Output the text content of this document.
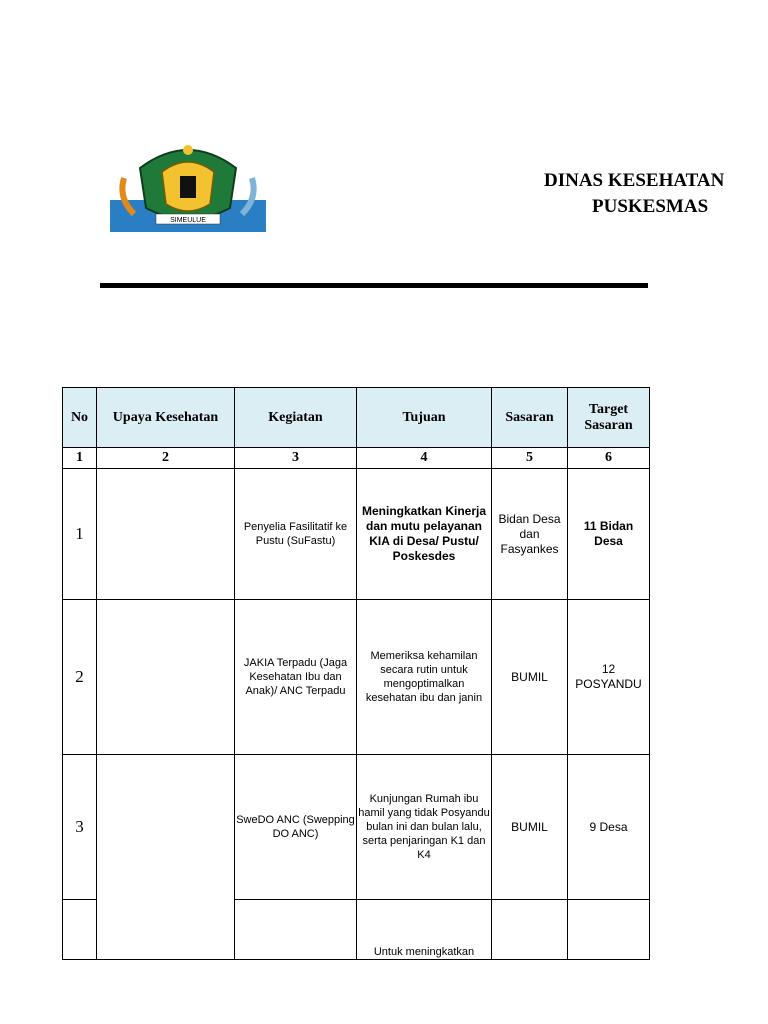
SIMEULUE
DINAS KESEHATAN
PUSKESMAS
No	Upaya Kesehatan	Kegiatan	Tujuan	Sasaran	Target Sasaran
1	2	3	4	5	6
1		Penyelia Fasilitatif ke Pustu (SuFastu)	Meningkatkan Kinerja dan mutu pelayanan KIA di Desa/ Pustu/ Poskesdes	Bidan Desa dan Fasyankes	11 Bidan Desa
2		JAKIA Terpadu (Jaga Kesehatan Ibu dan Anak)/ ANC Terpadu	Memeriksa kehamilan secara rutin untuk mengoptimalkan kesehatan ibu dan janin	BUMIL	12 POSYANDU
3		SweDO ANC (Swepping DO ANC)	Kunjungan Rumah ibu hamil yang tidak Posyandu bulan ini dan bulan lalu, serta penjaringan K1 dan K4	BUMIL	9 Desa
			Untuk meningkatkan		
